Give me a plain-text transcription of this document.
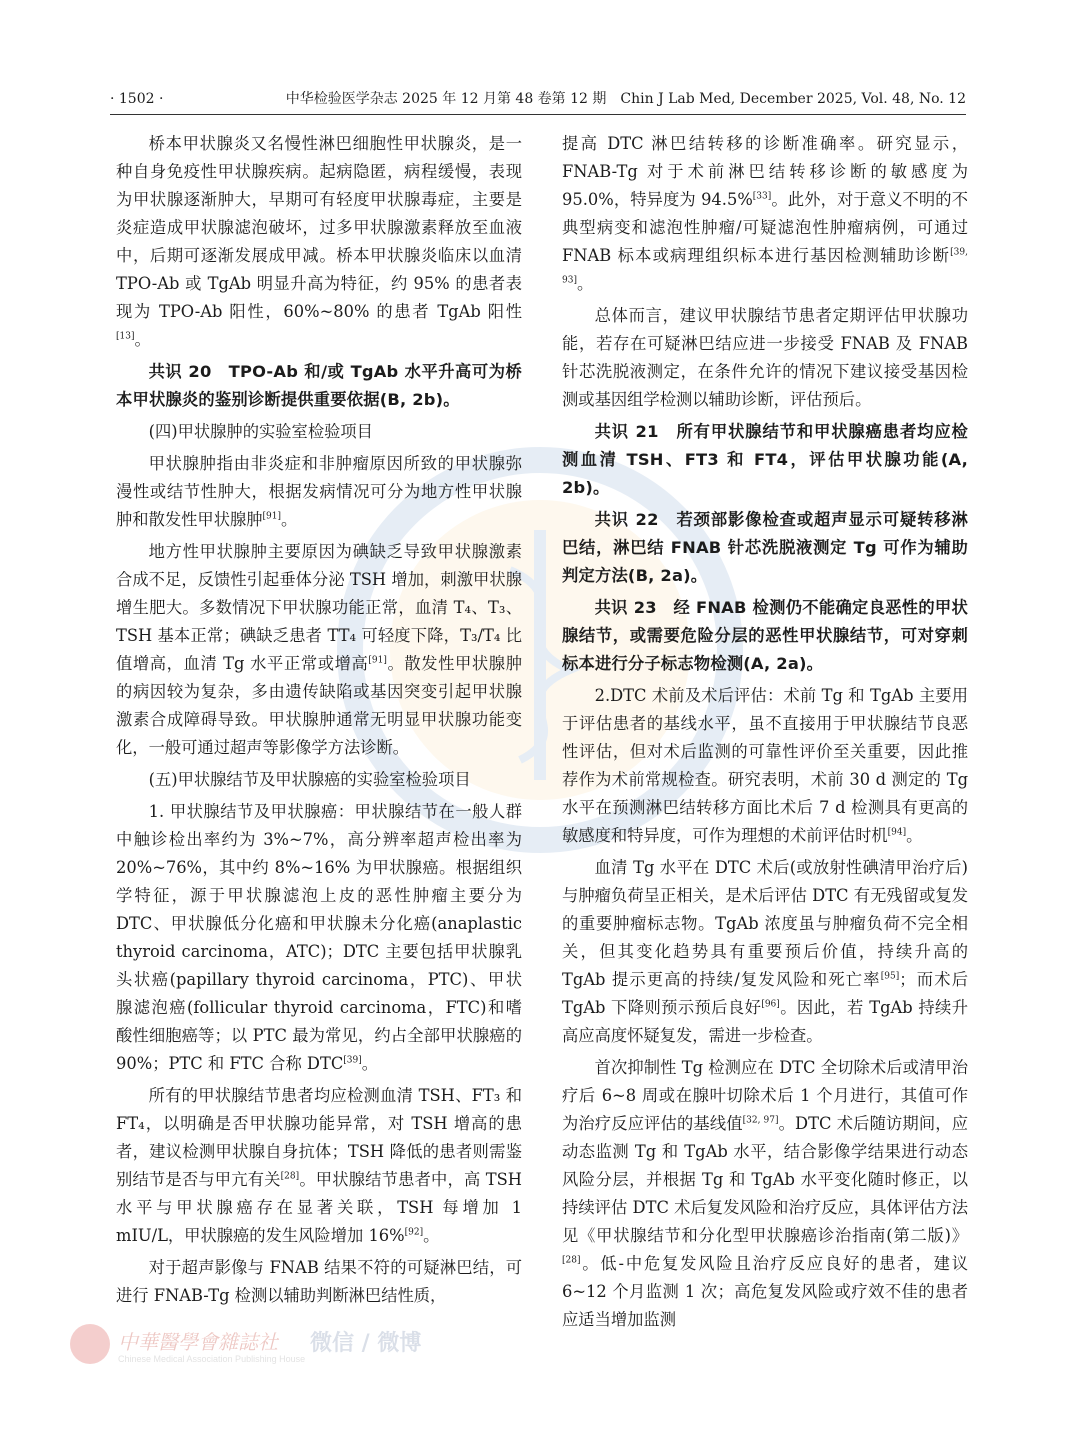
· 1502 ·	中华检验医学杂志 2025 年 12 月第 48 卷第 12 期　Chin J Lab Med, December 2025, Vol. 48, No. 12

桥本甲状腺炎又名慢性淋巴细胞性甲状腺炎，是一种自身免疫性甲状腺疾病。起病隐匿，病程缓慢，表现为甲状腺逐渐肿大，早期可有轻度甲状腺毒症，主要是炎症造成甲状腺滤泡破坏，过多甲状腺激素释放至血液中，后期可逐渐发展成甲减。桥本甲状腺炎临床以血清 TPO-Ab 或 TgAb 明显升高为特征，约 95% 的患者表现为 TPO-Ab 阳性，60%~80% 的患者 TgAb 阳性[13]。

共识 20　TPO-Ab 和/或 TgAb 水平升高可为桥本甲状腺炎的鉴别诊断提供重要依据(B, 2b)。

(四)甲状腺肿的实验室检验项目

甲状腺肿指由非炎症和非肿瘤原因所致的甲状腺弥漫性或结节性肿大，根据发病情况可分为地方性甲状腺肿和散发性甲状腺肿[91]。

地方性甲状腺肿主要原因为碘缺乏导致甲状腺激素合成不足，反馈性引起垂体分泌 TSH 增加，刺激甲状腺增生肥大。多数情况下甲状腺功能正常，血清 T₄、T₃、TSH 基本正常；碘缺乏患者 TT₄ 可轻度下降，T₃/T₄ 比值增高，血清 Tg 水平正常或增高[91]。散发性甲状腺肿的病因较为复杂，多由遗传缺陷或基因突变引起甲状腺激素合成障碍导致。甲状腺肿通常无明显甲状腺功能变化，一般可通过超声等影像学方法诊断。

(五)甲状腺结节及甲状腺癌的实验室检验项目

1. 甲状腺结节及甲状腺癌：甲状腺结节在一般人群中触诊检出率约为 3%~7%，高分辨率超声检出率为 20%~76%，其中约 8%~16% 为甲状腺癌。根据组织学特征，源于甲状腺滤泡上皮的恶性肿瘤主要分为 DTC、甲状腺低分化癌和甲状腺未分化癌(anaplastic thyroid carcinoma，ATC)；DTC 主要包括甲状腺乳头状癌(papillary thyroid carcinoma，PTC)、甲状腺滤泡癌(follicular thyroid carcinoma，FTC)和嗜酸性细胞癌等；以 PTC 最为常见，约占全部甲状腺癌的 90%；PTC 和 FTC 合称 DTC[39]。

所有的甲状腺结节患者均应检测血清 TSH、FT₃ 和 FT₄，以明确是否甲状腺功能异常，对 TSH 增高的患者，建议检测甲状腺自身抗体；TSH 降低的患者则需鉴别结节是否与甲亢有关[28]。甲状腺结节患者中，高 TSH 水平与甲状腺癌存在显著关联，TSH 每增加 1 mIU/L，甲状腺癌的发生风险增加 16%[92]。

对于超声影像与 FNAB 结果不符的可疑淋巴结，可进行 FNAB-Tg 检测以辅助判断淋巴结性质，

提高 DTC 淋巴结转移的诊断准确率。研究显示，FNAB-Tg 对于术前淋巴结转移诊断的敏感度为 95.0%，特异度为 94.5%[33]。此外，对于意义不明的不典型病变和滤泡性肿瘤/可疑滤泡性肿瘤病例，可通过 FNAB 标本或病理组织标本进行基因检测辅助诊断[39, 93]。

总体而言，建议甲状腺结节患者定期评估甲状腺功能，若存在可疑淋巴结应进一步接受 FNAB 及 FNAB 针芯洗脱液测定，在条件允许的情况下建议接受基因检测或基因组学检测以辅助诊断，评估预后。

共识 21　所有甲状腺结节和甲状腺癌患者均应检测血清 TSH、FT3 和 FT4，评估甲状腺功能(A, 2b)。

共识 22　若颈部影像检查或超声显示可疑转移淋巴结，淋巴结 FNAB 针芯洗脱液测定 Tg 可作为辅助判定方法(B, 2a)。

共识 23　经 FNAB 检测仍不能确定良恶性的甲状腺结节，或需要危险分层的恶性甲状腺结节，可对穿刺标本进行分子标志物检测(A, 2a)。

2.DTC 术前及术后评估：术前 Tg 和 TgAb 主要用于评估患者的基线水平，虽不直接用于甲状腺结节良恶性评估，但对术后监测的可靠性评价至关重要，因此推荐作为术前常规检查。研究表明，术前 30 d 测定的 Tg 水平在预测淋巴结转移方面比术后 7 d 检测具有更高的敏感度和特异度，可作为理想的术前评估时机[94]。

血清 Tg 水平在 DTC 术后(或放射性碘清甲治疗后)与肿瘤负荷呈正相关，是术后评估 DTC 有无残留或复发的重要肿瘤标志物。TgAb 浓度虽与肿瘤负荷不完全相关，但其变化趋势具有重要预后价值，持续升高的 TgAb 提示更高的持续/复发风险和死亡率[95]；而术后 TgAb 下降则预示预后良好[96]。因此，若 TgAb 持续升高应高度怀疑复发，需进一步检查。

首次抑制性 Tg 检测应在 DTC 全切除术后或清甲治疗后 6~8 周或在腺叶切除术后 1 个月进行，其值可作为治疗反应评估的基线值[32, 97]。DTC 术后随访期间，应动态监测 Tg 和 TgAb 水平，结合影像学结果进行动态风险分层，并根据 Tg 和 TgAb 水平变化随时修正，以持续评估 DTC 术后复发风险和治疗反应，具体评估方法见《甲状腺结节和分化型甲状腺癌诊治指南(第二版)》[28]。低-中危复发风险且治疗反应良好的患者，建议 6~12 个月监测 1 次；高危复发风险或疗效不佳的患者应适当增加监测

中華醫學會雜誌社
Chinese Medical Association Publishing House
微信 / 微博
